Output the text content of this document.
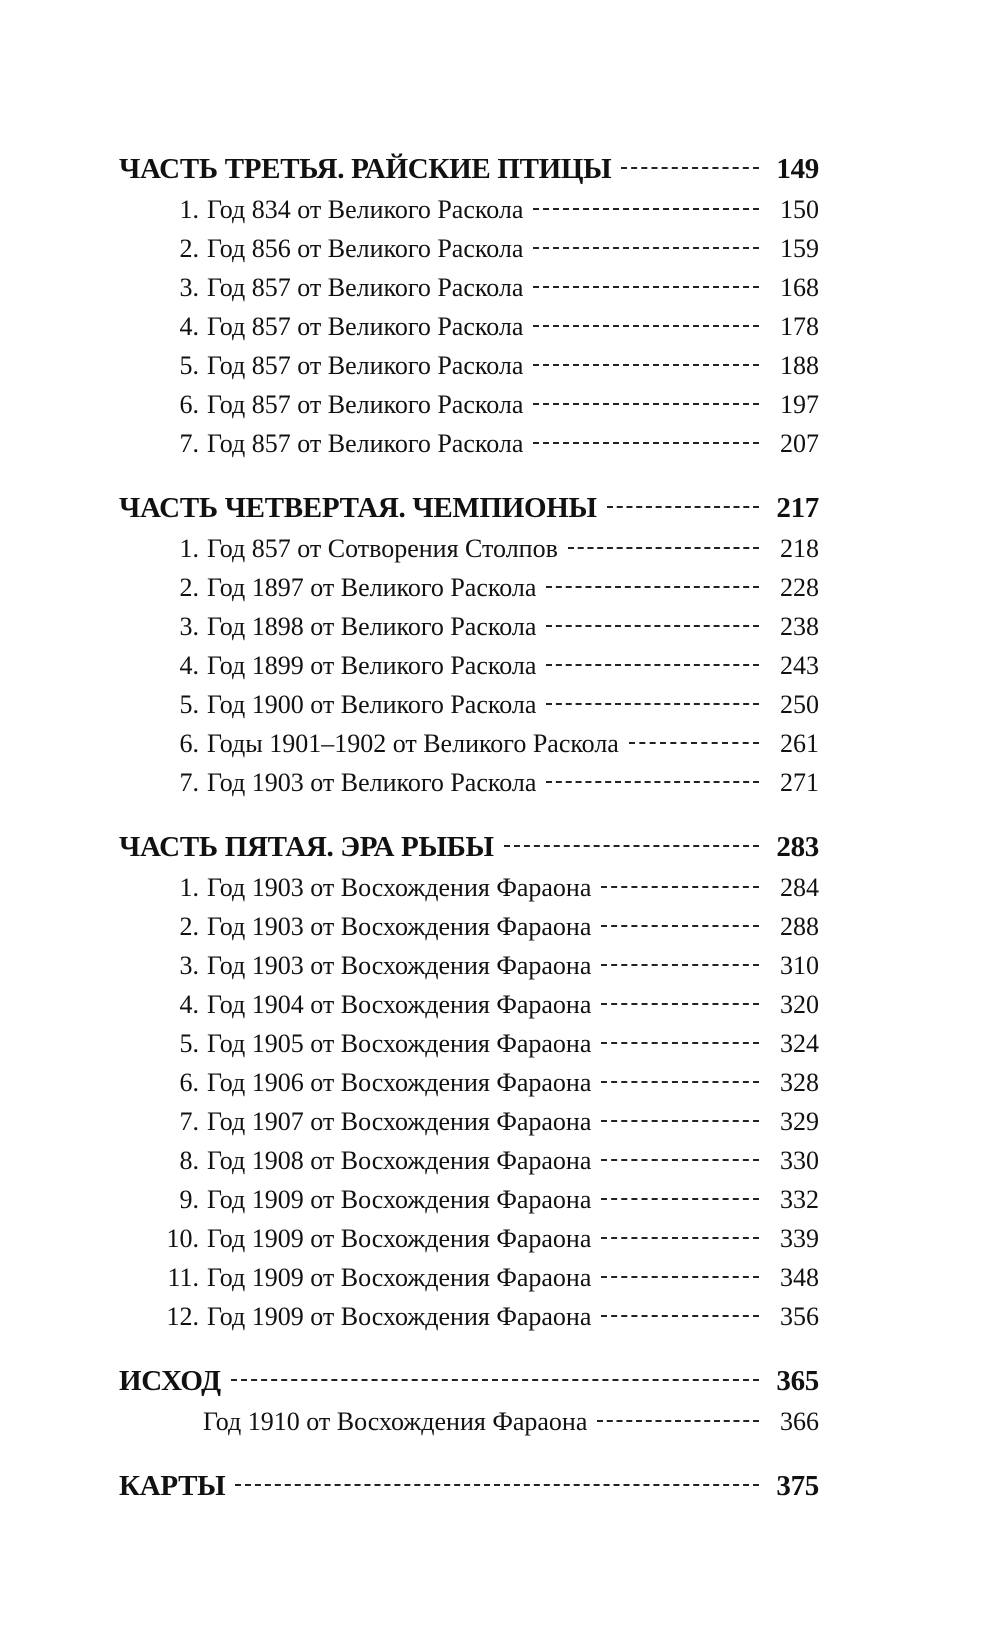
ЧАСТЬ ТРЕТЬЯ. РАЙСКИЕ ПТИЦЫ	149
1. Год 834 от Великого Раскола	150
2. Год 856 от Великого Раскола	159
3. Год 857 от Великого Раскола	168
4. Год 857 от Великого Раскола	178
5. Год 857 от Великого Раскола	188
6. Год 857 от Великого Раскола	197
7. Год 857 от Великого Раскола	207
ЧАСТЬ ЧЕТВЕРТАЯ. ЧЕМПИОНЫ	217
1. Год 857 от Сотворения Столпов	218
2. Год 1897 от Великого Раскола	228
3. Год 1898 от Великого Раскола	238
4. Год 1899 от Великого Раскола	243
5. Год 1900 от Великого Раскола	250
6. Годы 1901–1902 от Великого Раскола	261
7. Год 1903 от Великого Раскола	271
ЧАСТЬ ПЯТАЯ. ЭРА РЫБЫ	283
1. Год 1903 от Восхождения Фараона	284
2. Год 1903 от Восхождения Фараона	288
3. Год 1903 от Восхождения Фараона	310
4. Год 1904 от Восхождения Фараона	320
5. Год 1905 от Восхождения Фараона	324
6. Год 1906 от Восхождения Фараона	328
7. Год 1907 от Восхождения Фараона	329
8. Год 1908 от Восхождения Фараона	330
9. Год 1909 от Восхождения Фараона	332
10. Год 1909 от Восхождения Фараона	339
11. Год 1909 от Восхождения Фараона	348
12. Год 1909 от Восхождения Фараона	356
ИСХОД	365
Год 1910 от Восхождения Фараона	366
КАРТЫ	375
